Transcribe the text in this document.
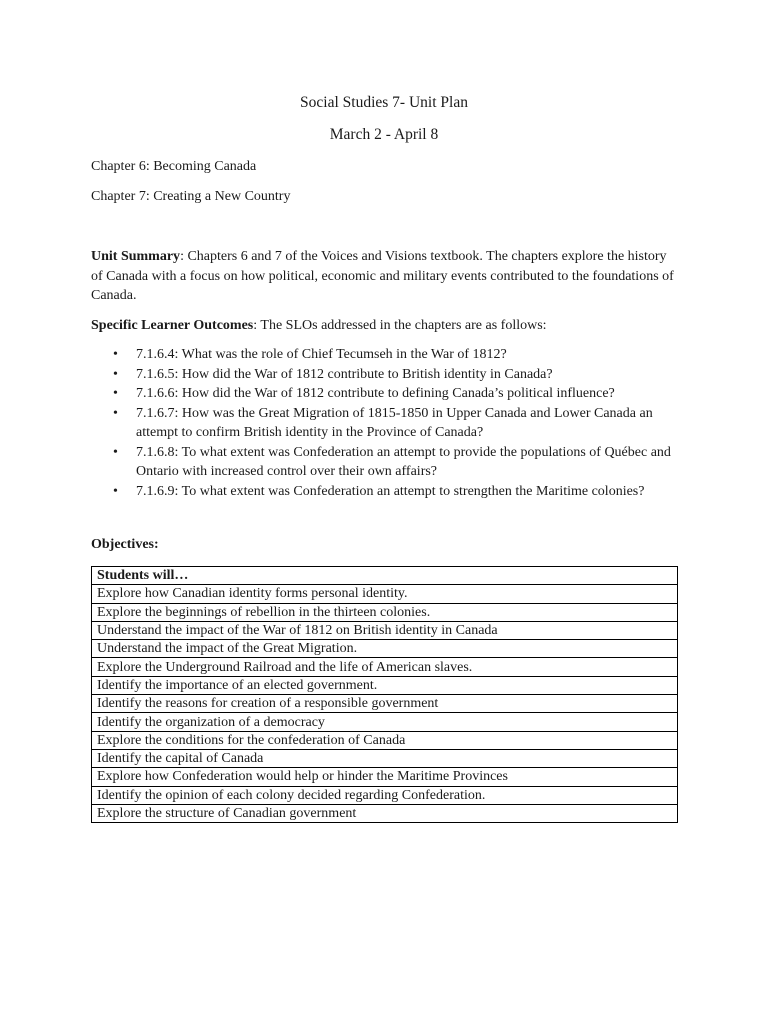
Social Studies 7- Unit Plan
March 2 - April 8

Chapter 6: Becoming Canada

Chapter 7: Creating a New Country

Unit Summary: Chapters 6 and 7 of the Voices and Visions textbook. The chapters explore the history of Canada with a focus on how political, economic and military events contributed to the foundations of Canada.

Specific Learner Outcomes: The SLOs addressed in the chapters are as follows:

• 7.1.6.4: What was the role of Chief Tecumseh in the War of 1812?
• 7.1.6.5: How did the War of 1812 contribute to British identity in Canada?
• 7.1.6.6: How did the War of 1812 contribute to defining Canada’s political influence?
• 7.1.6.7: How was the Great Migration of 1815-1850 in Upper Canada and Lower Canada an attempt to confirm British identity in the Province of Canada?
• 7.1.6.8: To what extent was Confederation an attempt to provide the populations of Québec and Ontario with increased control over their own affairs?
• 7.1.6.9: To what extent was Confederation an attempt to strengthen the Maritime colonies?

Objectives:

Students will…
Explore how Canadian identity forms personal identity.
Explore the beginnings of rebellion in the thirteen colonies.
Understand the impact of the War of 1812 on British identity in Canada
Understand the impact of the Great Migration.
Explore the Underground Railroad and the life of American slaves.
Identify the importance of an elected government.
Identify the reasons for creation of a responsible government
Identify the organization of a democracy
Explore the conditions for the confederation of Canada
Identify the capital of Canada
Explore how Confederation would help or hinder the Maritime Provinces
Identify the opinion of each colony decided regarding Confederation.
Explore the structure of Canadian government
